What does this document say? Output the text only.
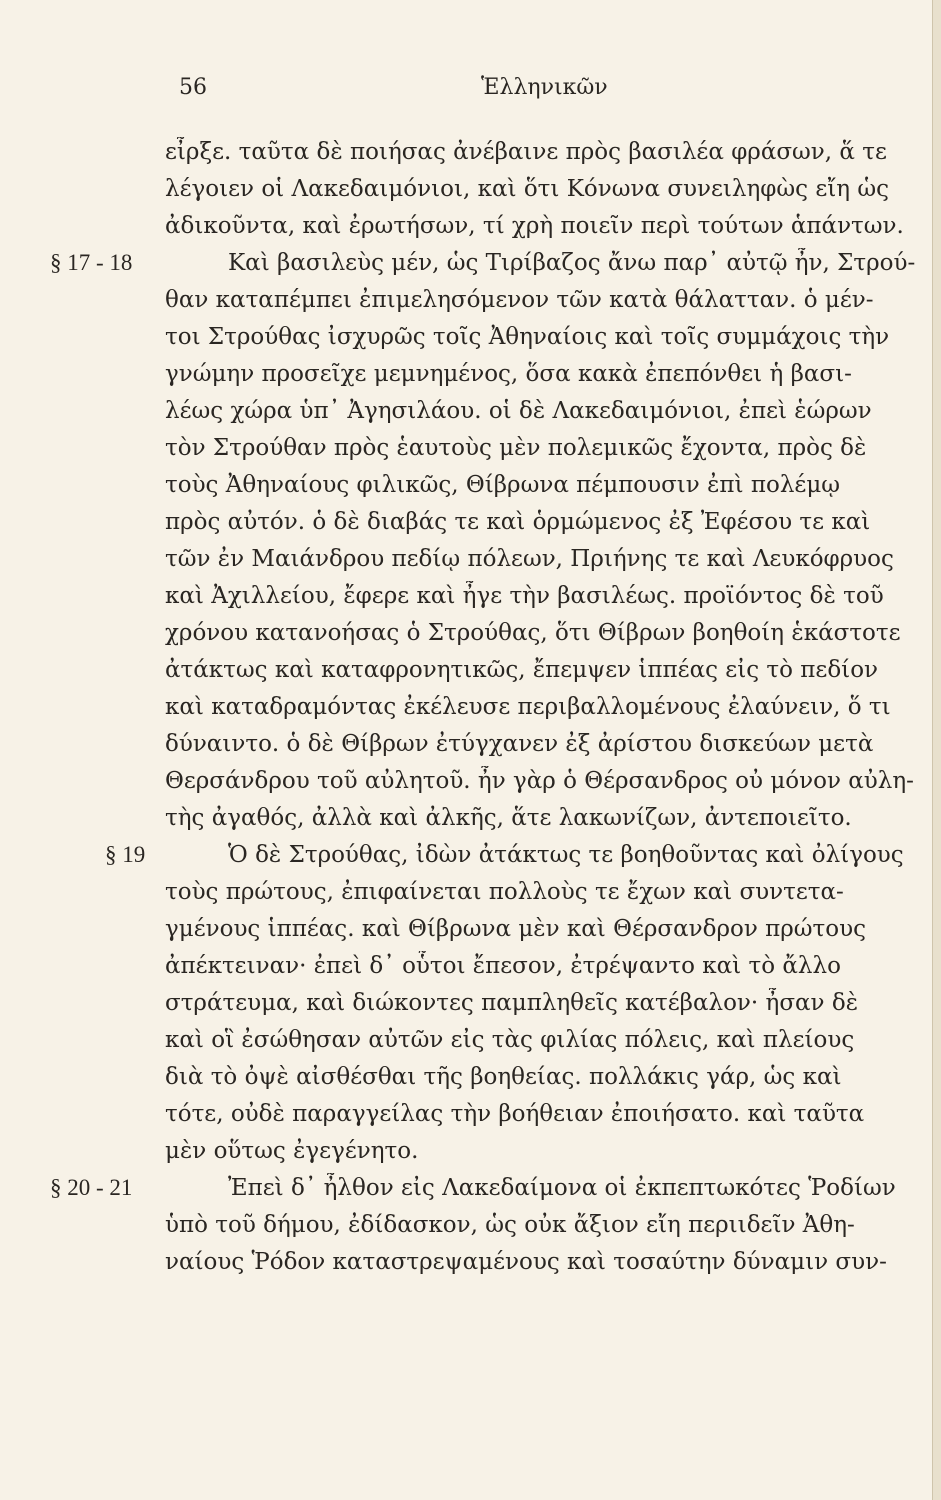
56	Ἑλληνικῶν
εἶρξε. ταῦτα δὲ ποιήσας ἀνέβαινε πρὸς βασιλέα φράσων, ἅ τε
λέγοιεν οἱ Λακεδαιμόνιοι, καὶ ὅτι Κόνωνα συνειληφὼς εἴη ὡς
ἀδικοῦντα, καὶ ἐρωτήσων, τί χρὴ ποιεῖν περὶ τούτων ἁπάντων.
§ 17 - 18	Καὶ βασιλεὺς μέν, ὡς Τιρίβαζος ἄνω παρ᾽ αὐτῷ ἦν, Στρού-
θαν καταπέμπει ἐπιμελησόμενον τῶν κατὰ θάλατταν. ὁ μέν-
τοι Στρούθας ἰσχυρῶς τοῖς Ἀθηναίοις καὶ τοῖς συμμάχοις τὴν
γνώμην προσεῖχε μεμνημένος, ὅσα κακὰ ἐπεπόνθει ἡ βασι-
λέως χώρα ὑπ᾽ Ἀγησιλάου. οἱ δὲ Λακεδαιμόνιοι, ἐπεὶ ἑώρων
τὸν Στρούθαν πρὸς ἑαυτοὺς μὲν πολεμικῶς ἔχοντα, πρὸς δὲ
τοὺς Ἀθηναίους φιλικῶς, Θίβρωνα πέμπουσιν ἐπὶ πολέμῳ
πρὸς αὐτόν. ὁ δὲ διαβάς τε καὶ ὁρμώμενος ἐξ Ἐφέσου τε καὶ
τῶν ἐν Μαιάνδρου πεδίῳ πόλεων, Πριήνης τε καὶ Λευκόφρυος
καὶ Ἀχιλλείου, ἔφερε καὶ ἦγε τὴν βασιλέως. προϊόντος δὲ τοῦ
χρόνου κατανοήσας ὁ Στρούθας, ὅτι Θίβρων βοηθοίη ἑκάστοτε
ἀτάκτως καὶ καταφρονητικῶς, ἔπεμψεν ἱππέας εἰς τὸ πεδίον
καὶ καταδραμόντας ἐκέλευσε περιβαλλομένους ἐλαύνειν, ὅ τι
δύναιντο. ὁ δὲ Θίβρων ἐτύγχανεν ἐξ ἀρίστου δισκεύων μετὰ
Θερσάνδρου τοῦ αὐλητοῦ. ἦν γὰρ ὁ Θέρσανδρος οὐ μόνον αὐλη-
τὴς ἀγαθός, ἀλλὰ καὶ ἀλκῆς, ἅτε λακωνίζων, ἀντεποιεῖτο.
§ 19	Ὁ δὲ Στρούθας, ἰδὼν ἀτάκτως τε βοηθοῦντας καὶ ὀλίγους
τοὺς πρώτους, ἐπιφαίνεται πολλοὺς τε ἔχων καὶ συντετα-
γμένους ἱππέας. καὶ Θίβρωνα μὲν καὶ Θέρσανδρον πρώτους
ἀπέκτειναν· ἐπεὶ δ᾽ οὗτοι ἔπεσον, ἐτρέψαντο καὶ τὸ ἄλλο
στράτευμα, καὶ διώκοντες παμπληθεῖς κατέβαλον· ἦσαν δὲ
καὶ οἳ ἐσώθησαν αὐτῶν εἰς τὰς φιλίας πόλεις, καὶ πλείους
διὰ τὸ ὀψὲ αἰσθέσθαι τῆς βοηθείας. πολλάκις γάρ, ὡς καὶ
τότε, οὐδὲ παραγγείλας τὴν βοήθειαν ἐποιήσατο. καὶ ταῦτα
μὲν οὕτως ἐγεγένητο.
§ 20 - 21	Ἐπεὶ δ᾽ ἦλθον εἰς Λακεδαίμονα οἱ ἐκπεπτωκότες Ῥοδίων
ὑπὸ τοῦ δήμου, ἐδίδασκον, ὡς οὐκ ἄξιον εἴη περιιδεῖν Ἀθη-
ναίους Ῥόδον καταστρεψαμένους καὶ τοσαύτην δύναμιν συν-
